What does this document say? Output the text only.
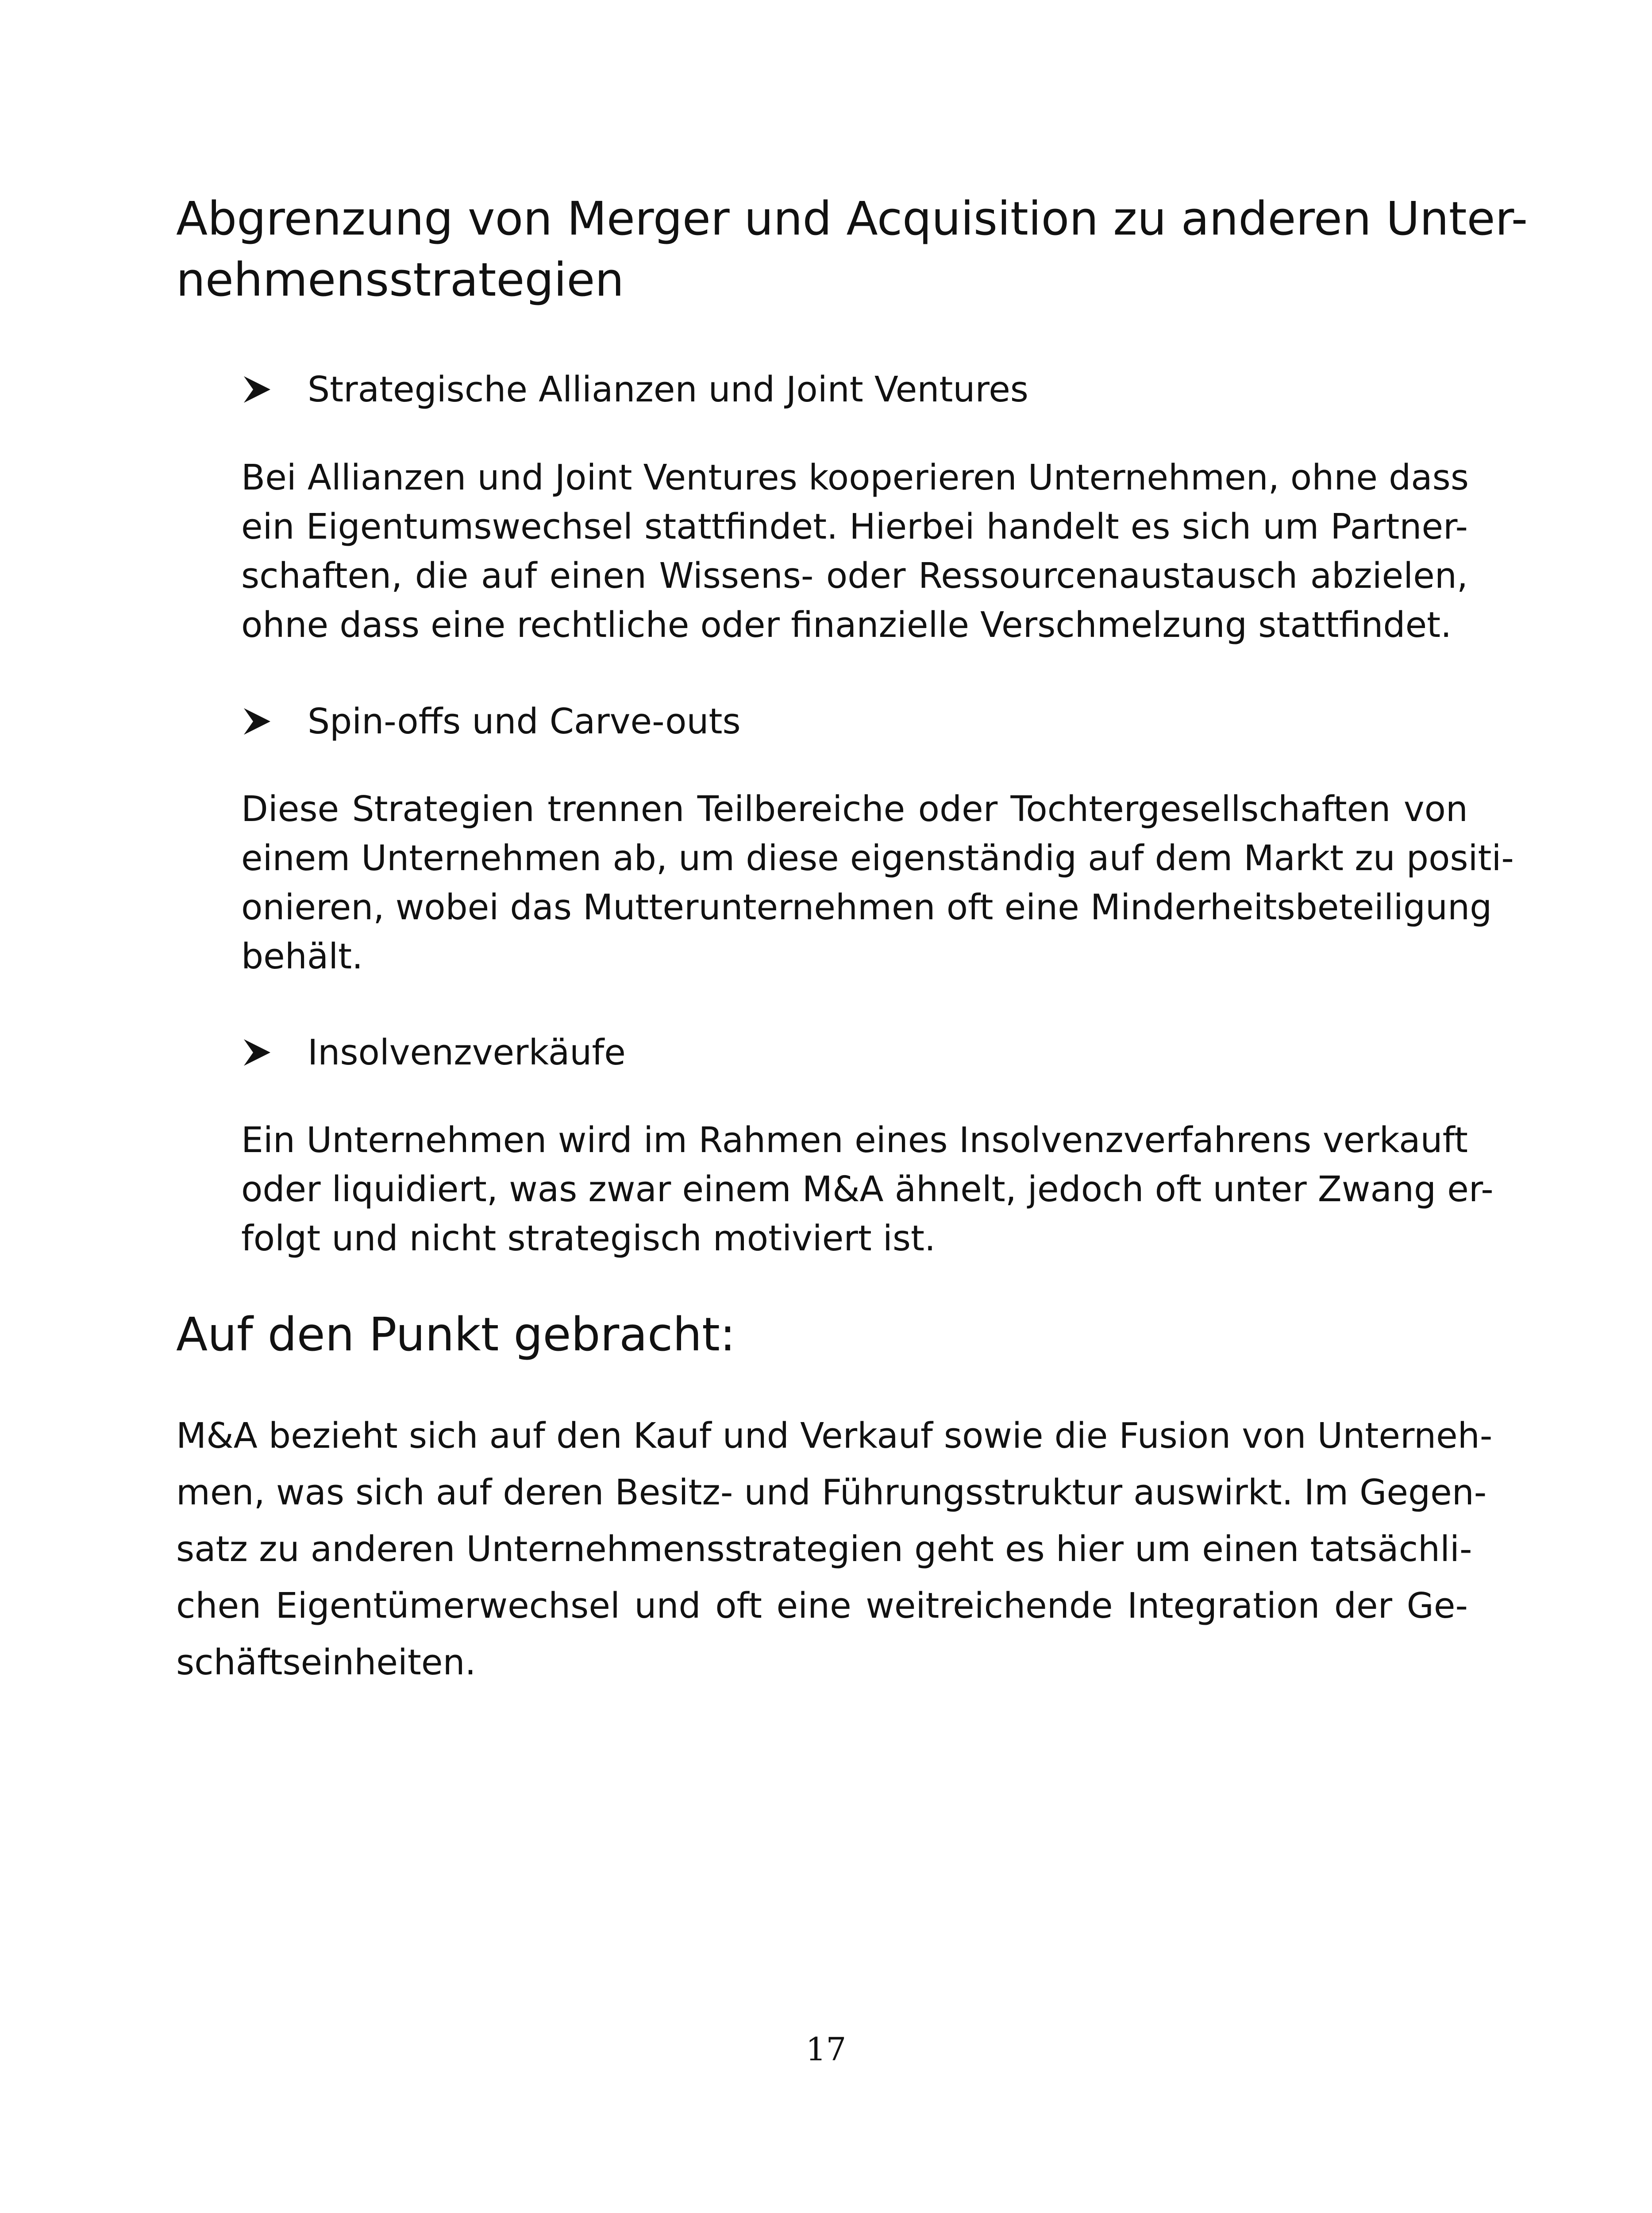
Abgrenzung von Merger und Acquisition zu anderen Unter-
nehmensstrategien
Strategische Allianzen und Joint Ventures
Bei Allianzen und Joint Ventures kooperieren Unternehmen, ohne dass
ein Eigentumswechsel stattfindet. Hierbei handelt es sich um Partner-
schaften, die auf einen Wissens- oder Ressourcenaustausch abzielen,
ohne dass eine rechtliche oder finanzielle Verschmelzung stattfindet.
Spin-offs und Carve-outs
Diese Strategien trennen Teilbereiche oder Tochtergesellschaften von
einem Unternehmen ab, um diese eigenständig auf dem Markt zu positi-
onieren, wobei das Mutterunternehmen oft eine Minderheitsbeteiligung
behält.
Insolvenzverkäufe
Ein Unternehmen wird im Rahmen eines Insolvenzverfahrens verkauft
oder liquidiert, was zwar einem M&A ähnelt, jedoch oft unter Zwang er-
folgt und nicht strategisch motiviert ist.
Auf den Punkt gebracht:
M&A bezieht sich auf den Kauf und Verkauf sowie die Fusion von Unterneh-
men, was sich auf deren Besitz- und Führungsstruktur auswirkt. Im Gegen-
satz zu anderen Unternehmensstrategien geht es hier um einen tatsächli-
chen Eigentümerwechsel und oft eine weitreichende Integration der Ge-
schäftseinheiten.
17
